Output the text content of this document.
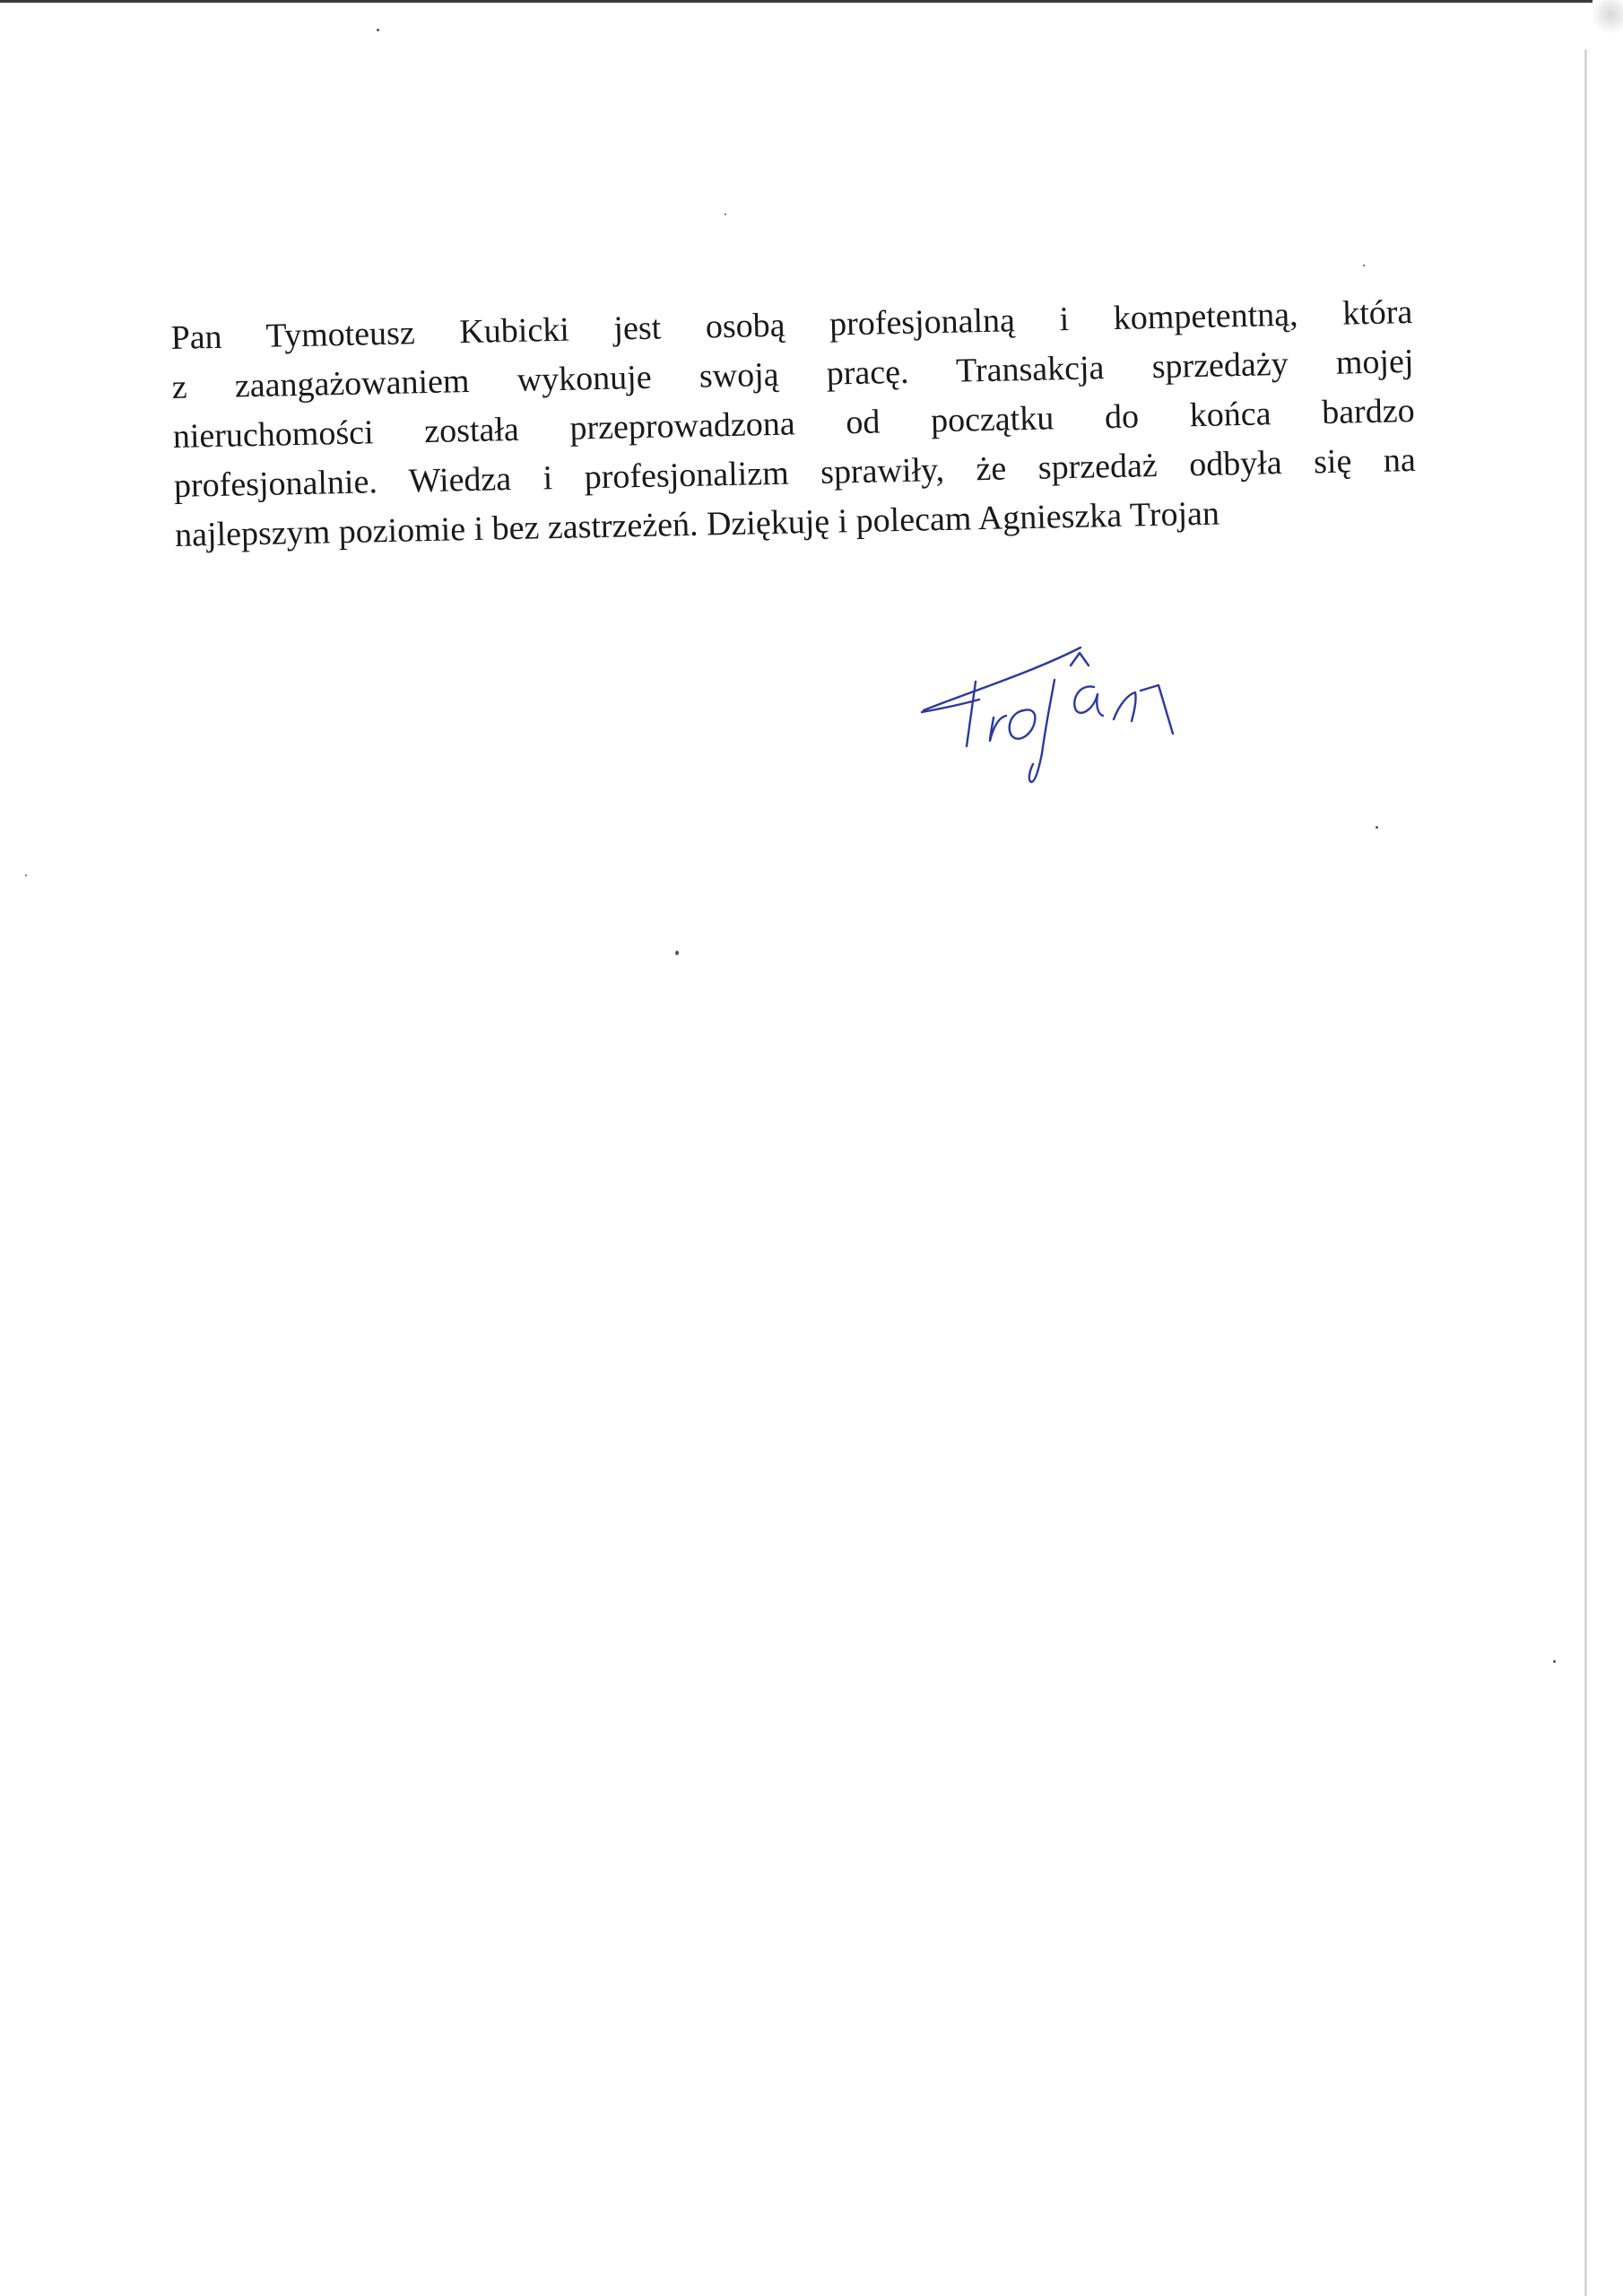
Pan Tymoteusz Kubicki jest osobą profesjonalną i kompetentną, która
z zaangażowaniem wykonuje swoją pracę. Transakcja sprzedaży mojej
nieruchomości została przeprowadzona od początku do końca bardzo
profesjonalnie. Wiedza i profesjonalizm sprawiły, że sprzedaż odbyła się na
najlepszym poziomie i bez zastrzeżeń. Dziękuję i polecam Agnieszka Trojan
